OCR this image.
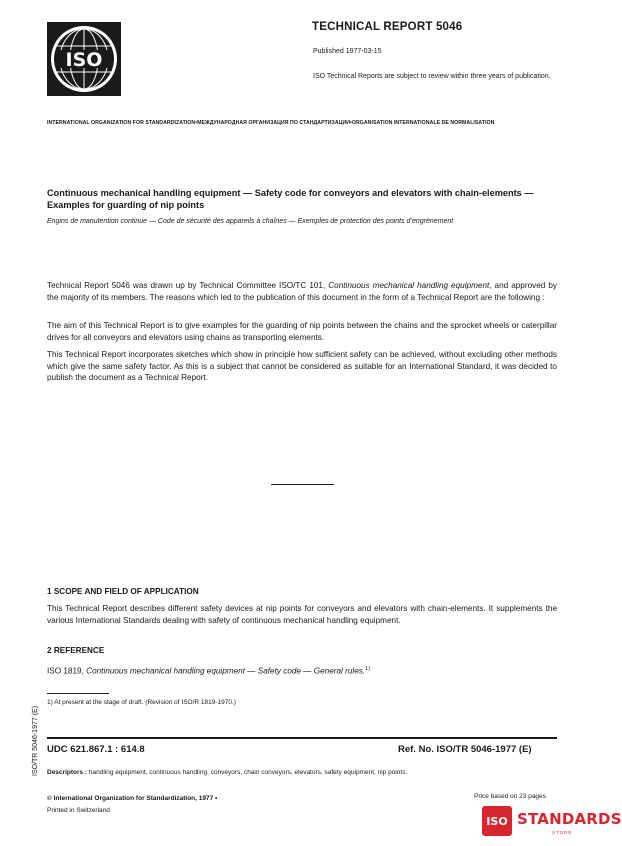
ISO
TECHNICAL REPORT 5046
Published 1977-03-15
ISO Technical Reports are subject to review within three years of publication.
INTERNATIONAL ORGANIZATION FOR STANDARDIZATION•МЕЖДУНАРОДНАЯ ОРГАНИЗАЦИЯ ПО СТАНДАРТИЗАЦИИ•ORGANISATION INTERNATIONALE DE NORMALISATION
Continuous mechanical handling equipment — Safety code for conveyors and elevators with chain-elements — Examples for guarding of nip points
Engins de manutention continue — Code de sécurité des appareils à chaînes — Exemples de protection des points d’engrènement
Technical Report 5046 was drawn up by Technical Committee ISO/TC 101, Continuous mechanical handling equipment, and approved by the majority of its members. The reasons which led to the publication of this document in the form of a Technical Report are the following :
The aim of this Technical Report is to give examples for the guarding of nip points between the chains and the sprocket wheels or caterpillar drives for all conveyors and elevators using chains as transporting elements.
This Technical Report incorporates sketches which show in principle how sufficient safety can be achieved, without excluding other methods which give the same safety factor. As this is a subject that cannot be considered as suitable for an International Standard, it was decided to publish the document as a Technical Report.
1 SCOPE AND FIELD OF APPLICATION
This Technical Report describes different safety devices at nip points for conveyors and elevators with chain-elements. It supplements the various International Standards dealing with safety of continuous mechanical handling equipment.
2 REFERENCE
ISO 1819, Continuous mechanical handling equipment — Safety code — General rules.$^{1)}$
1) At present at the stage of draft. (Revision of ISO/R 1819-1970.)
UDC 621.867.1 : 614.8	Ref. No. ISO/TR 5046-1977 (E)
Descriptors : handling equipment, continuous handling, conveyors, chain conveyors, elevators, safety equipment, nip points.
© International Organization for Standardization, 1977 •
Printed in Switzerland
Price based on 23 pages
ISO/TR 5046-1977 (E)
ISO STANDARDS
STORE
